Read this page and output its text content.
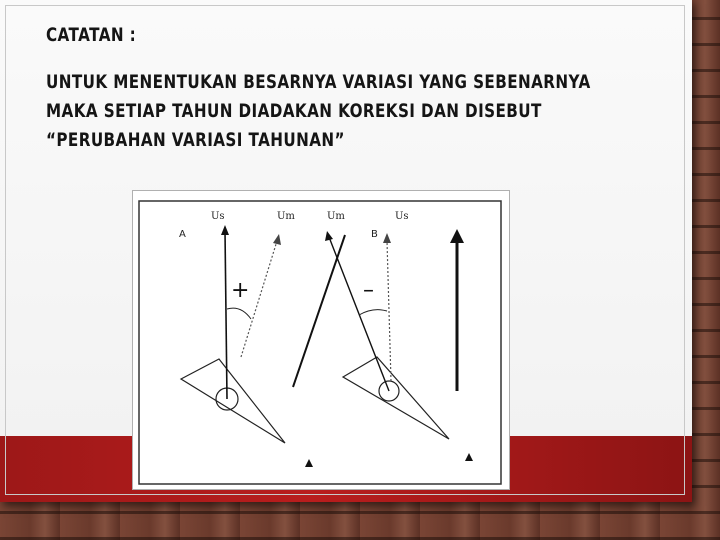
CATATAN :
UNTUK MENENTUKAN BESARNYA VARIASI YANG SEBENARNYA
MAKA SETIAP TAHUN DIADAKAN KOREKSI DAN DISEBUT
“PERUBAHAN VARIASI TAHUNAN”
A
Us	Um
+
B
Us
Um
–
